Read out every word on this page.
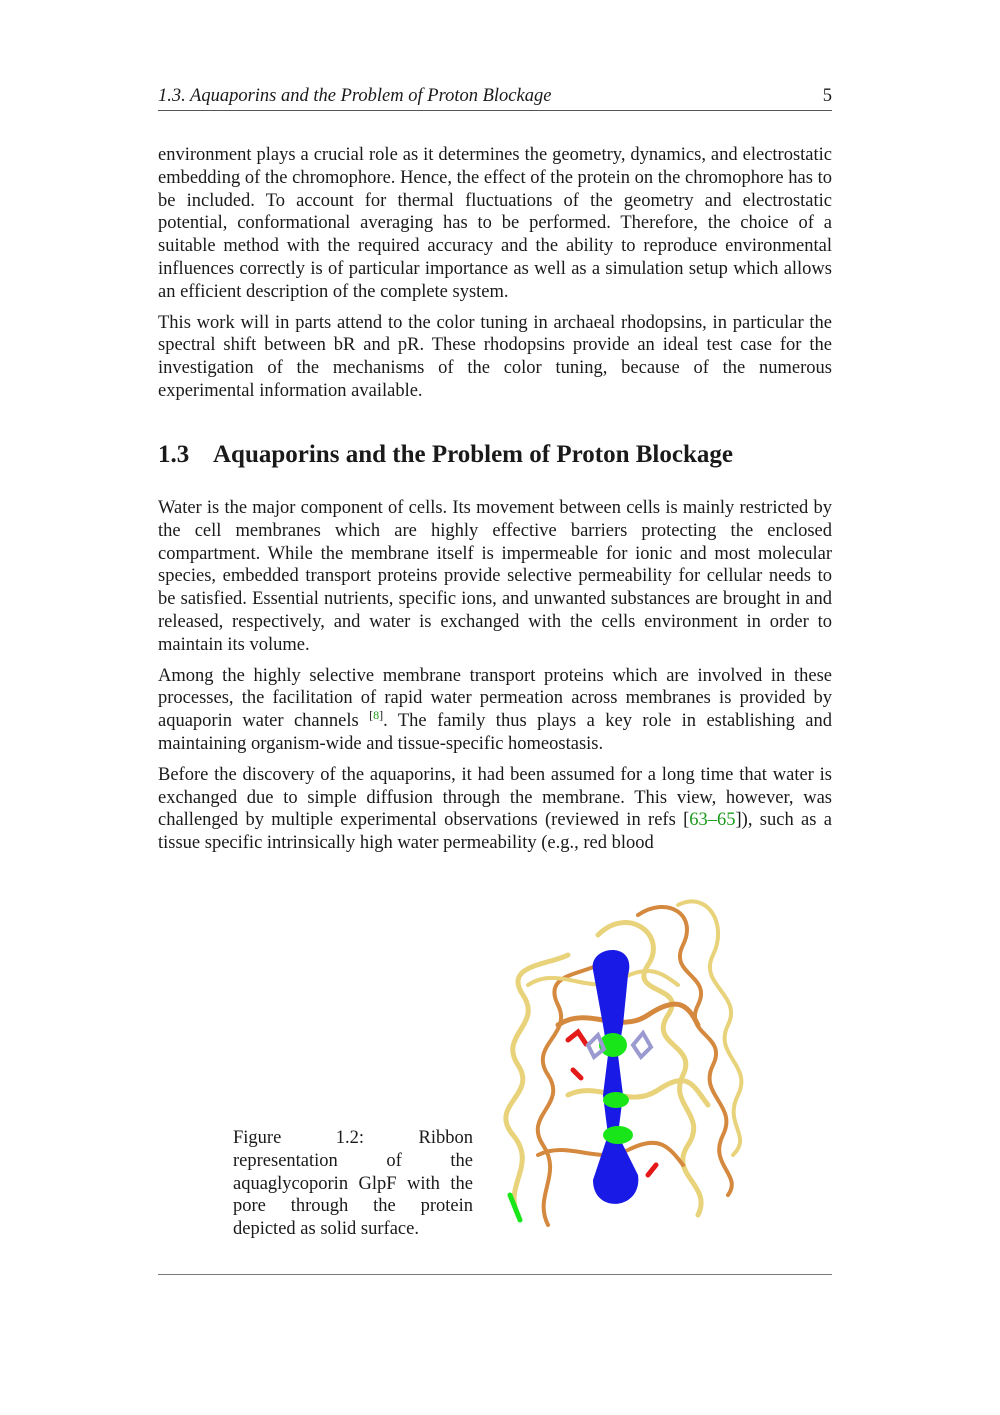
1.3. Aquaporins and the Problem of Proton Blockage	5

environment plays a crucial role as it determines the geometry, dynamics, and electrostatic embedding of the chromophore. Hence, the effect of the protein on the chromophore has to be included. To account for thermal fluctuations of the geometry and electrostatic potential, conformational averaging has to be performed. Therefore, the choice of a suitable method with the required accuracy and the ability to reproduce environmental influences correctly is of particular importance as well as a simulation setup which allows an efficient description of the complete system.

This work will in parts attend to the color tuning in archaeal rhodopsins, in particular the spectral shift between bR and pR. These rhodopsins provide an ideal test case for the investigation of the mechanisms of the color tuning, because of the numerous experimental information available.

1.3 Aquaporins and the Problem of Proton Blockage

Water is the major component of cells. Its movement between cells is mainly restricted by the cell membranes which are highly effective barriers protecting the enclosed compartment. While the membrane itself is impermeable for ionic and most molecular species, embedded transport proteins provide selective permeability for cellular needs to be satisfied. Essential nutrients, specific ions, and unwanted substances are brought in and released, respectively, and water is exchanged with the cells environment in order to maintain its volume.

Among the highly selective membrane transport proteins which are involved in these processes, the facilitation of rapid water permeation across membranes is provided by aquaporin water channels [8]. The family thus plays a key role in establishing and maintaining organism-wide and tissue-specific homeostasis.

Before the discovery of the aquaporins, it had been assumed for a long time that water is exchanged due to simple diffusion through the membrane. This view, however, was challenged by multiple experimental observations (reviewed in refs [63–65]), such as a tissue specific intrinsically high water permeability (e.g., red blood

Figure 1.2: Ribbon representation of the aquaglycoporin GlpF with the pore through the protein depicted as solid surface.
